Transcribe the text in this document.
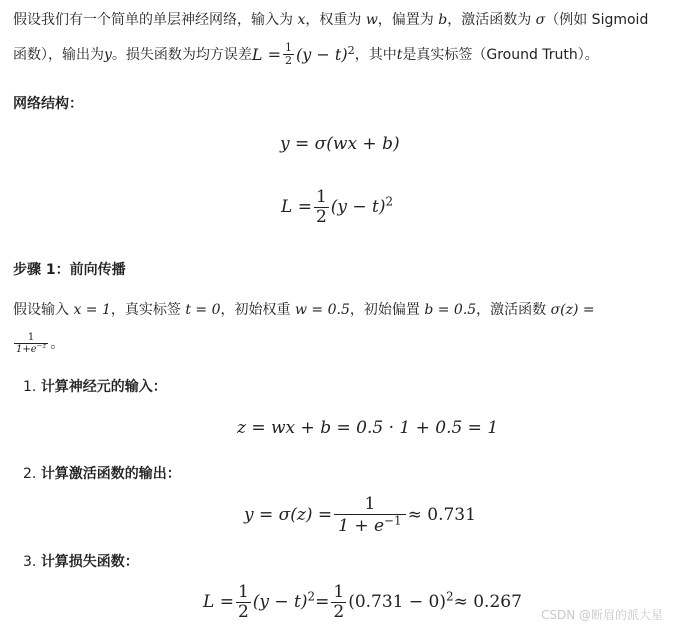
假设我们有一个简单的单层神经网络，输入为 x，权重为 w，偏置为 b，激活函数为 σ（例如 Sigmoid
函数），输出为 y 。损失函数为均方误差 $L = \frac{1}{2} (y - t)^2$ ，其中 t 是真实标签（Ground Truth）。
网络结构：
y = σ(wx + b)
$L = \frac{1}{2} (y - t)^2$
步骤 1：前向传播
假设输入 x = 1，真实标签 t = 0，初始权重 w = 0.5，初始偏置 b = 0.5，激活函数 σ(z) =
$\frac{1}{1+e^{-z}}$ 。
1. 计算神经元的输入：
z = wx + b = 0.5 · 1 + 0.5 = 1
2. 计算激活函数的输出：
$y = \sigma(z) = \frac{1}{1 + e^{-1}} \approx 0.731$
3. 计算损失函数：
$L = \frac{1}{2} (y - t)^2 = \frac{1}{2} (0.731 - 0)^2 \approx 0.267$
CSDN @断眉的派大星
